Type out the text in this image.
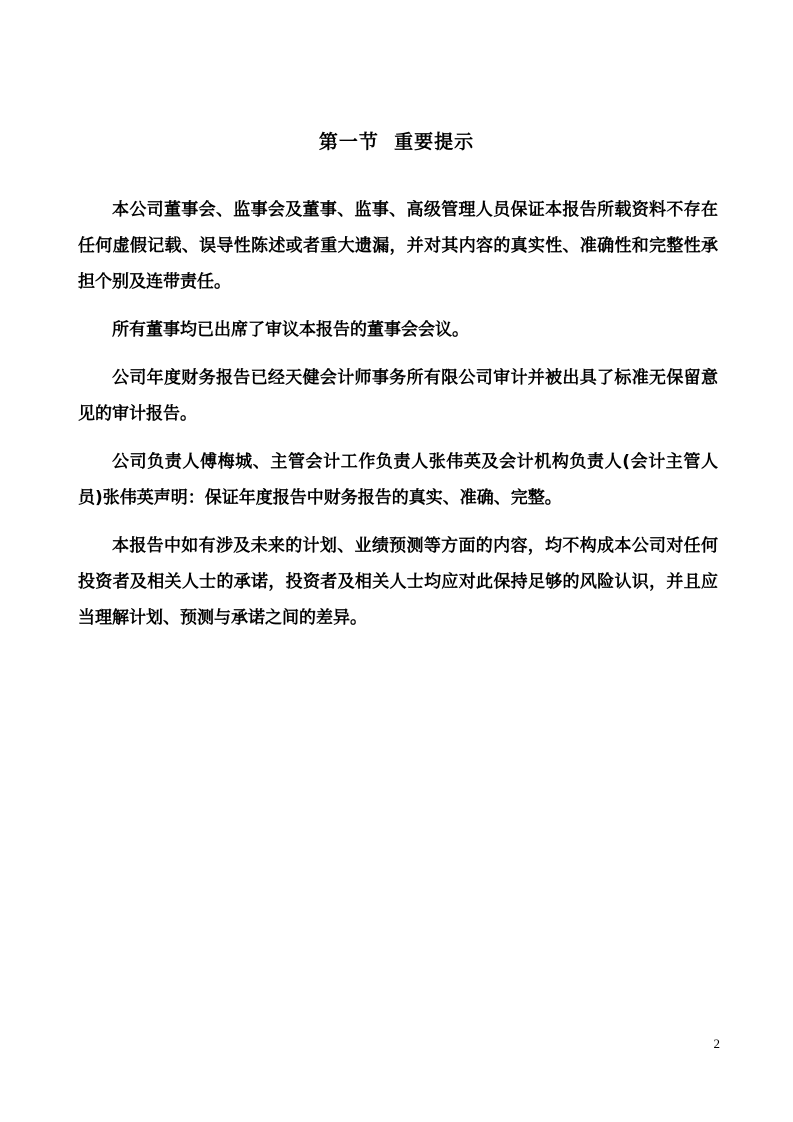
第一节  重要提示

本公司董事会、监事会及董事、监事、高级管理人员保证本报告所载资料不存在任何虚假记载、误导性陈述或者重大遗漏，并对其内容的真实性、准确性和完整性承担个别及连带责任。

所有董事均已出席了审议本报告的董事会会议。

公司年度财务报告已经天健会计师事务所有限公司审计并被出具了标准无保留意见的审计报告。

公司负责人傅梅城、主管会计工作负责人张伟英及会计机构负责人(会计主管人员)张伟英声明：保证年度报告中财务报告的真实、准确、完整。

本报告中如有涉及未来的计划、业绩预测等方面的内容，均不构成本公司对任何投资者及相关人士的承诺，投资者及相关人士均应对此保持足够的风险认识，并且应当理解计划、预测与承诺之间的差异。

2
